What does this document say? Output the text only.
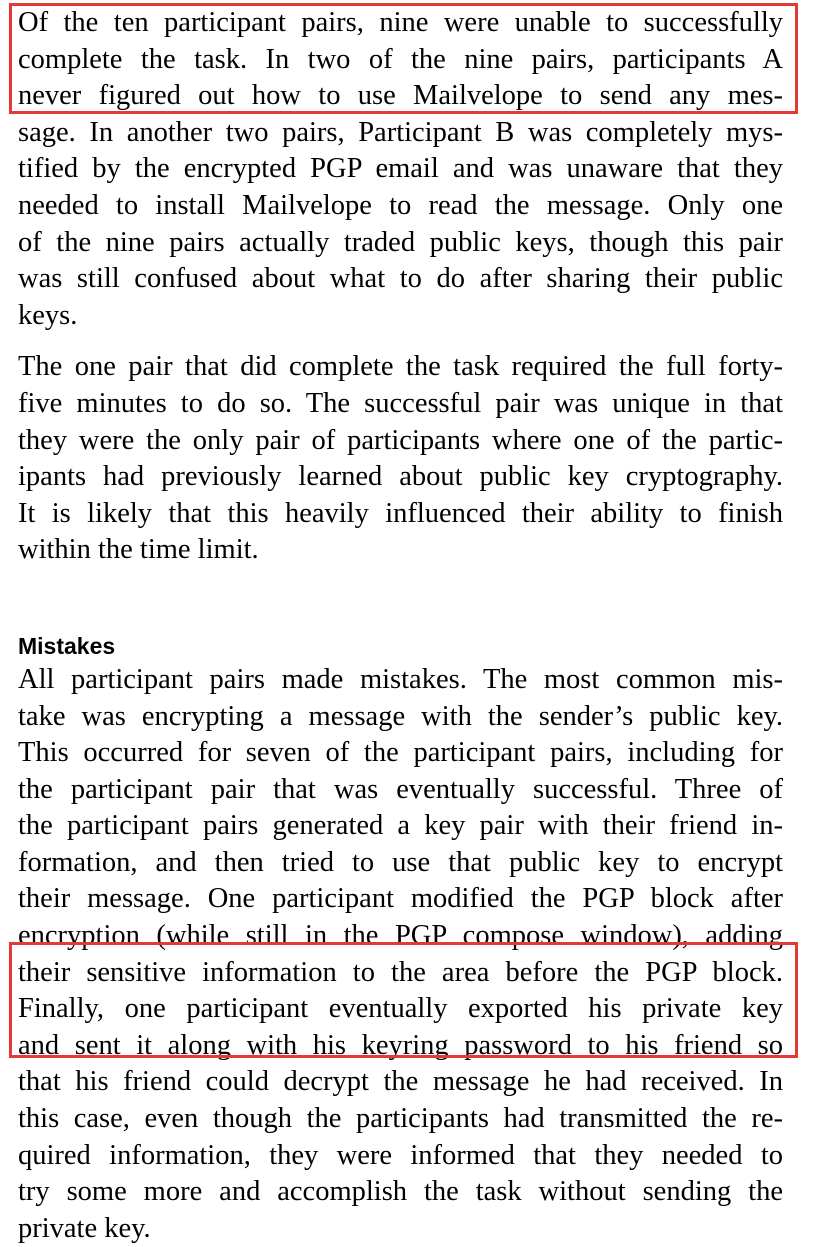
Of the ten participant pairs, nine were unable to successfully
complete the task. In two of the nine pairs, participants A
never figured out how to use Mailvelope to send any mes-
sage. In another two pairs, Participant B was completely mys-
tified by the encrypted PGP email and was unaware that they
needed to install Mailvelope to read the message. Only one
of the nine pairs actually traded public keys, though this pair
was still confused about what to do after sharing their public
keys.
The one pair that did complete the task required the full forty-
five minutes to do so. The successful pair was unique in that
they were the only pair of participants where one of the partic-
ipants had previously learned about public key cryptography.
It is likely that this heavily influenced their ability to finish
within the time limit.
Mistakes
All participant pairs made mistakes. The most common mis-
take was encrypting a message with the sender’s public key.
This occurred for seven of the participant pairs, including for
the participant pair that was eventually successful. Three of
the participant pairs generated a key pair with their friend in-
formation, and then tried to use that public key to encrypt
their message. One participant modified the PGP block after
encryption (while still in the PGP compose window), adding
their sensitive information to the area before the PGP block.
Finally, one participant eventually exported his private key
and sent it along with his keyring password to his friend so
that his friend could decrypt the message he had received. In
this case, even though the participants had transmitted the re-
quired information, they were informed that they needed to
try some more and accomplish the task without sending the
private key.
